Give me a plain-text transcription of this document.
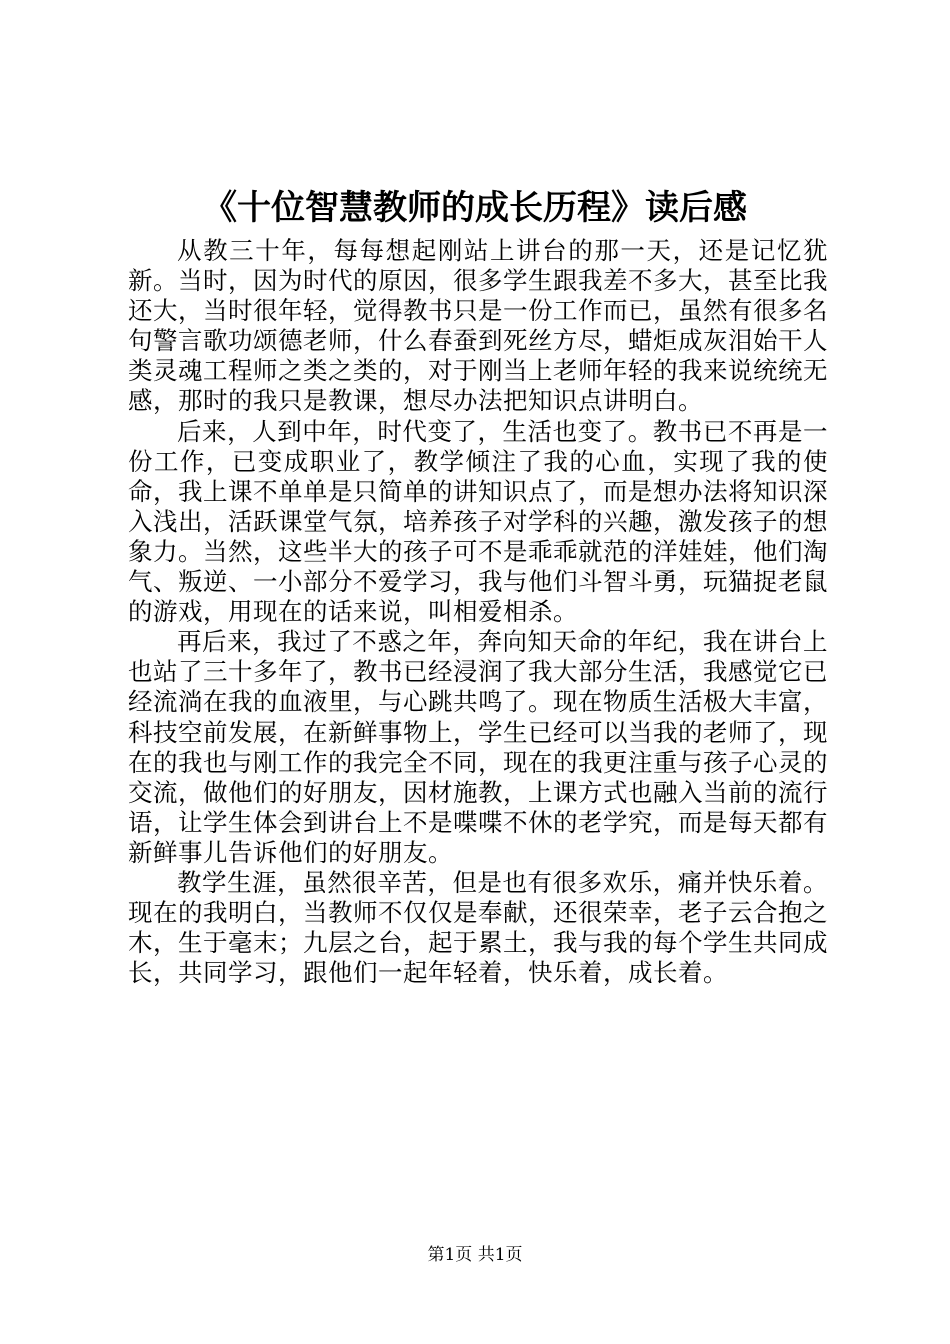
《十位智慧教师的成长历程》读后感

从教三十年，每每想起刚站上讲台的那一天，还是记忆犹新。当时，因为时代的原因，很多学生跟我差不多大，甚至比我还大，当时很年轻，觉得教书只是一份工作而已，虽然有很多名句警言歌功颂德老师，什么春蚕到死丝方尽，蜡炬成灰泪始干人类灵魂工程师之类之类的，对于刚当上老师年轻的我来说统统无感，那时的我只是教课，想尽办法把知识点讲明白。

后来，人到中年，时代变了，生活也变了。教书已不再是一份工作，已变成职业了，教学倾注了我的心血，实现了我的使命，我上课不单单是只简单的讲知识点了，而是想办法将知识深入浅出，活跃课堂气氛，培养孩子对学科的兴趣，激发孩子的想象力。当然，这些半大的孩子可不是乖乖就范的洋娃娃，他们淘气、叛逆、一小部分不爱学习，我与他们斗智斗勇，玩猫捉老鼠的游戏，用现在的话来说，叫相爱相杀。

再后来，我过了不惑之年，奔向知天命的年纪，我在讲台上也站了三十多年了，教书已经浸润了我大部分生活，我感觉它已经流淌在我的血液里，与心跳共鸣了。现在物质生活极大丰富，科技空前发展，在新鲜事物上，学生已经可以当我的老师了，现在的我也与刚工作的我完全不同，现在的我更注重与孩子心灵的交流，做他们的好朋友，因材施教，上课方式也融入当前的流行语，让学生体会到讲台上不是喋喋不休的老学究，而是每天都有新鲜事儿告诉他们的好朋友。

教学生涯，虽然很辛苦，但是也有很多欢乐，痛并快乐着。现在的我明白，当教师不仅仅是奉献，还很荣幸，老子云合抱之木，生于毫末；九层之台，起于累土，我与我的每个学生共同成长，共同学习，跟他们一起年轻着，快乐着，成长着。

第1页 共1页
